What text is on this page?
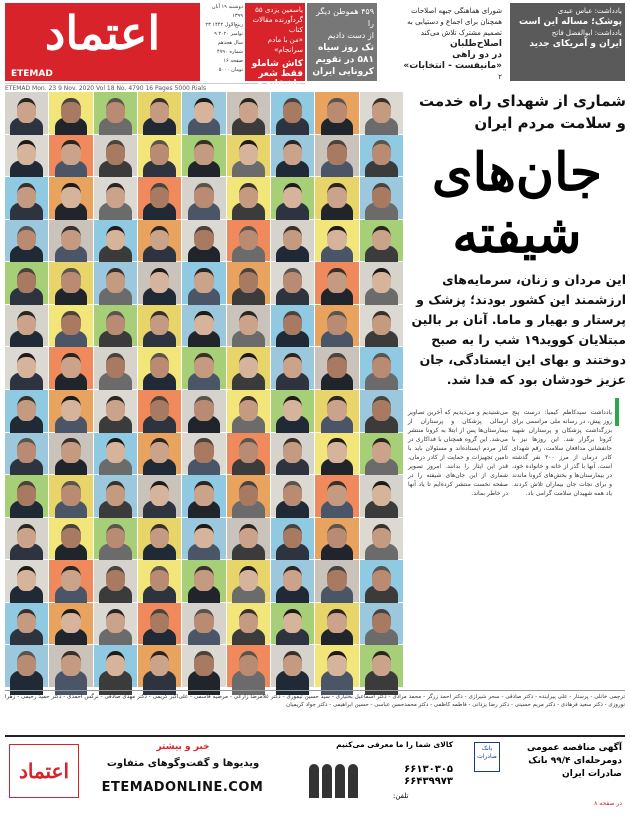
اعتماد
ETEMAD
دوشنبه ۱۹ آبان ۱۳۹۹
۲۳ ربیع‌الاول ۱۴۴۲
۹ نوامبر ۲۰۲۰
سال هجدهم
شماره ۴۷۹۰
۱۶ صفحه
۵۰۰۰ تومان
ETEMAD Mon. 23 9 Nov. 2020 Vol 18 No. 4790 16 Pages 5000 Rials
یاسمین یزدی ۵۵
گردآورنده مقالات کتاب
«من با مادم سرانجام»
کاش شاملو فقط شعر عاشقانه و
۴۵۹ هموطن دیگر را
از دست دادیم
تک روز سیاه
۵۸۱ در تقویم
کرونایی ایران
شورای هماهنگی جبهه اصلاحات
همچنان برای اجماع و دستیابی به
تصمیم مشترک تلاش می‌کند
اصلاح‌طلبان
در دو راهی
«مانیفست - انتخابات»
۲
یادداشت: عباس عبدی
پوشک؛ مساله این است
یادداشت: ابوالفضل فاتح
ایران و آمریکای جدید
شماری از شهدای راه خدمت و سلامت مردم ایران
جان‌های شیفته
این مردان و زنان، سرمایه‌های ارزشمند این کشور بودند؛ پزشک و پرستار و بهیار و ماما. آنان بر بالین مبتلایان کووید۱۹ شب را به صبح دوختند و بهای این ایستادگی، جان عزیز خودشان بود که فدا شد.
یادداشت سیدکاظم کیمیا: درست پنج روز پیش، در رسانه ملی مراسمی برای بزرگداشت پزشکان و پرستاران شهید کرونا برگزار شد. این روزها نیز با جانفشانی مدافعان سلامت، رقم شهدای کادر درمان از مرز ۲۰۰ نفر گذشته است. آنها با گذر از خانه و خانواده خود، در بیمارستان‌ها و بخش‌های کرونا ماندند و برای نجات جان بیماران تلاش کردند. یاد همه شهیدان سلامت گرامی باد.
می‌شنیدیم و می‌دیدیم که آخرین تصاویر ارسالی پزشکان و پرستاران از بیمارستان‌ها پس از ابتلا به کرونا منتشر می‌شد. این گروه همچنان با فداکاری در کنار مردم ایستاده‌اند و مسئولان باید با تامین تجهیزات و حمایت از کادر درمان، قدر این ایثار را بدانند. امروز تصویر شماری از این جان‌های شیفته را در صفحه نخست منتشر کرده‌ایم تا یاد آنها در خاطر بماند.
ترجمی خانلی - پرستار - علی پیراینده - دکتر صادقی - سحر شیرازی - دکتر احمد زرگر - محمد مرادی - دکتر اسماعیل بختیاری - سید حسین تیموری - دکتر غلامرضا زارعی - مرضیه قاسمی - علی‌اکبر کریمی - دکتر مهدی صادقی - نرگس احمدی - دکتر حمید رحیمی - زهرا نوروزی - دکتر سعید فرهادی - دکتر مریم حسینی - دکتر رضا یزدانی - فاطمه کاظمی - دکتر محمدحسن عباسی - حسین ابراهیمی - دکتر جواد کریمیان
اعتماد
خبر و بیشتر
ویدیوها و گفت‌وگوهای متفاوت
ETEMADONLINE.COM
کالای شما را ما معرفی می‌کنیم
۶۶۱۳۰۳۰۵
۶۶۴۳۹۹۷۳
تلفن:
بانک صادرات
آگهی مناقصه عمومی دومرحله‌ای ۹۹/۴ بانک صادرات ایران
در صفحه ۸
